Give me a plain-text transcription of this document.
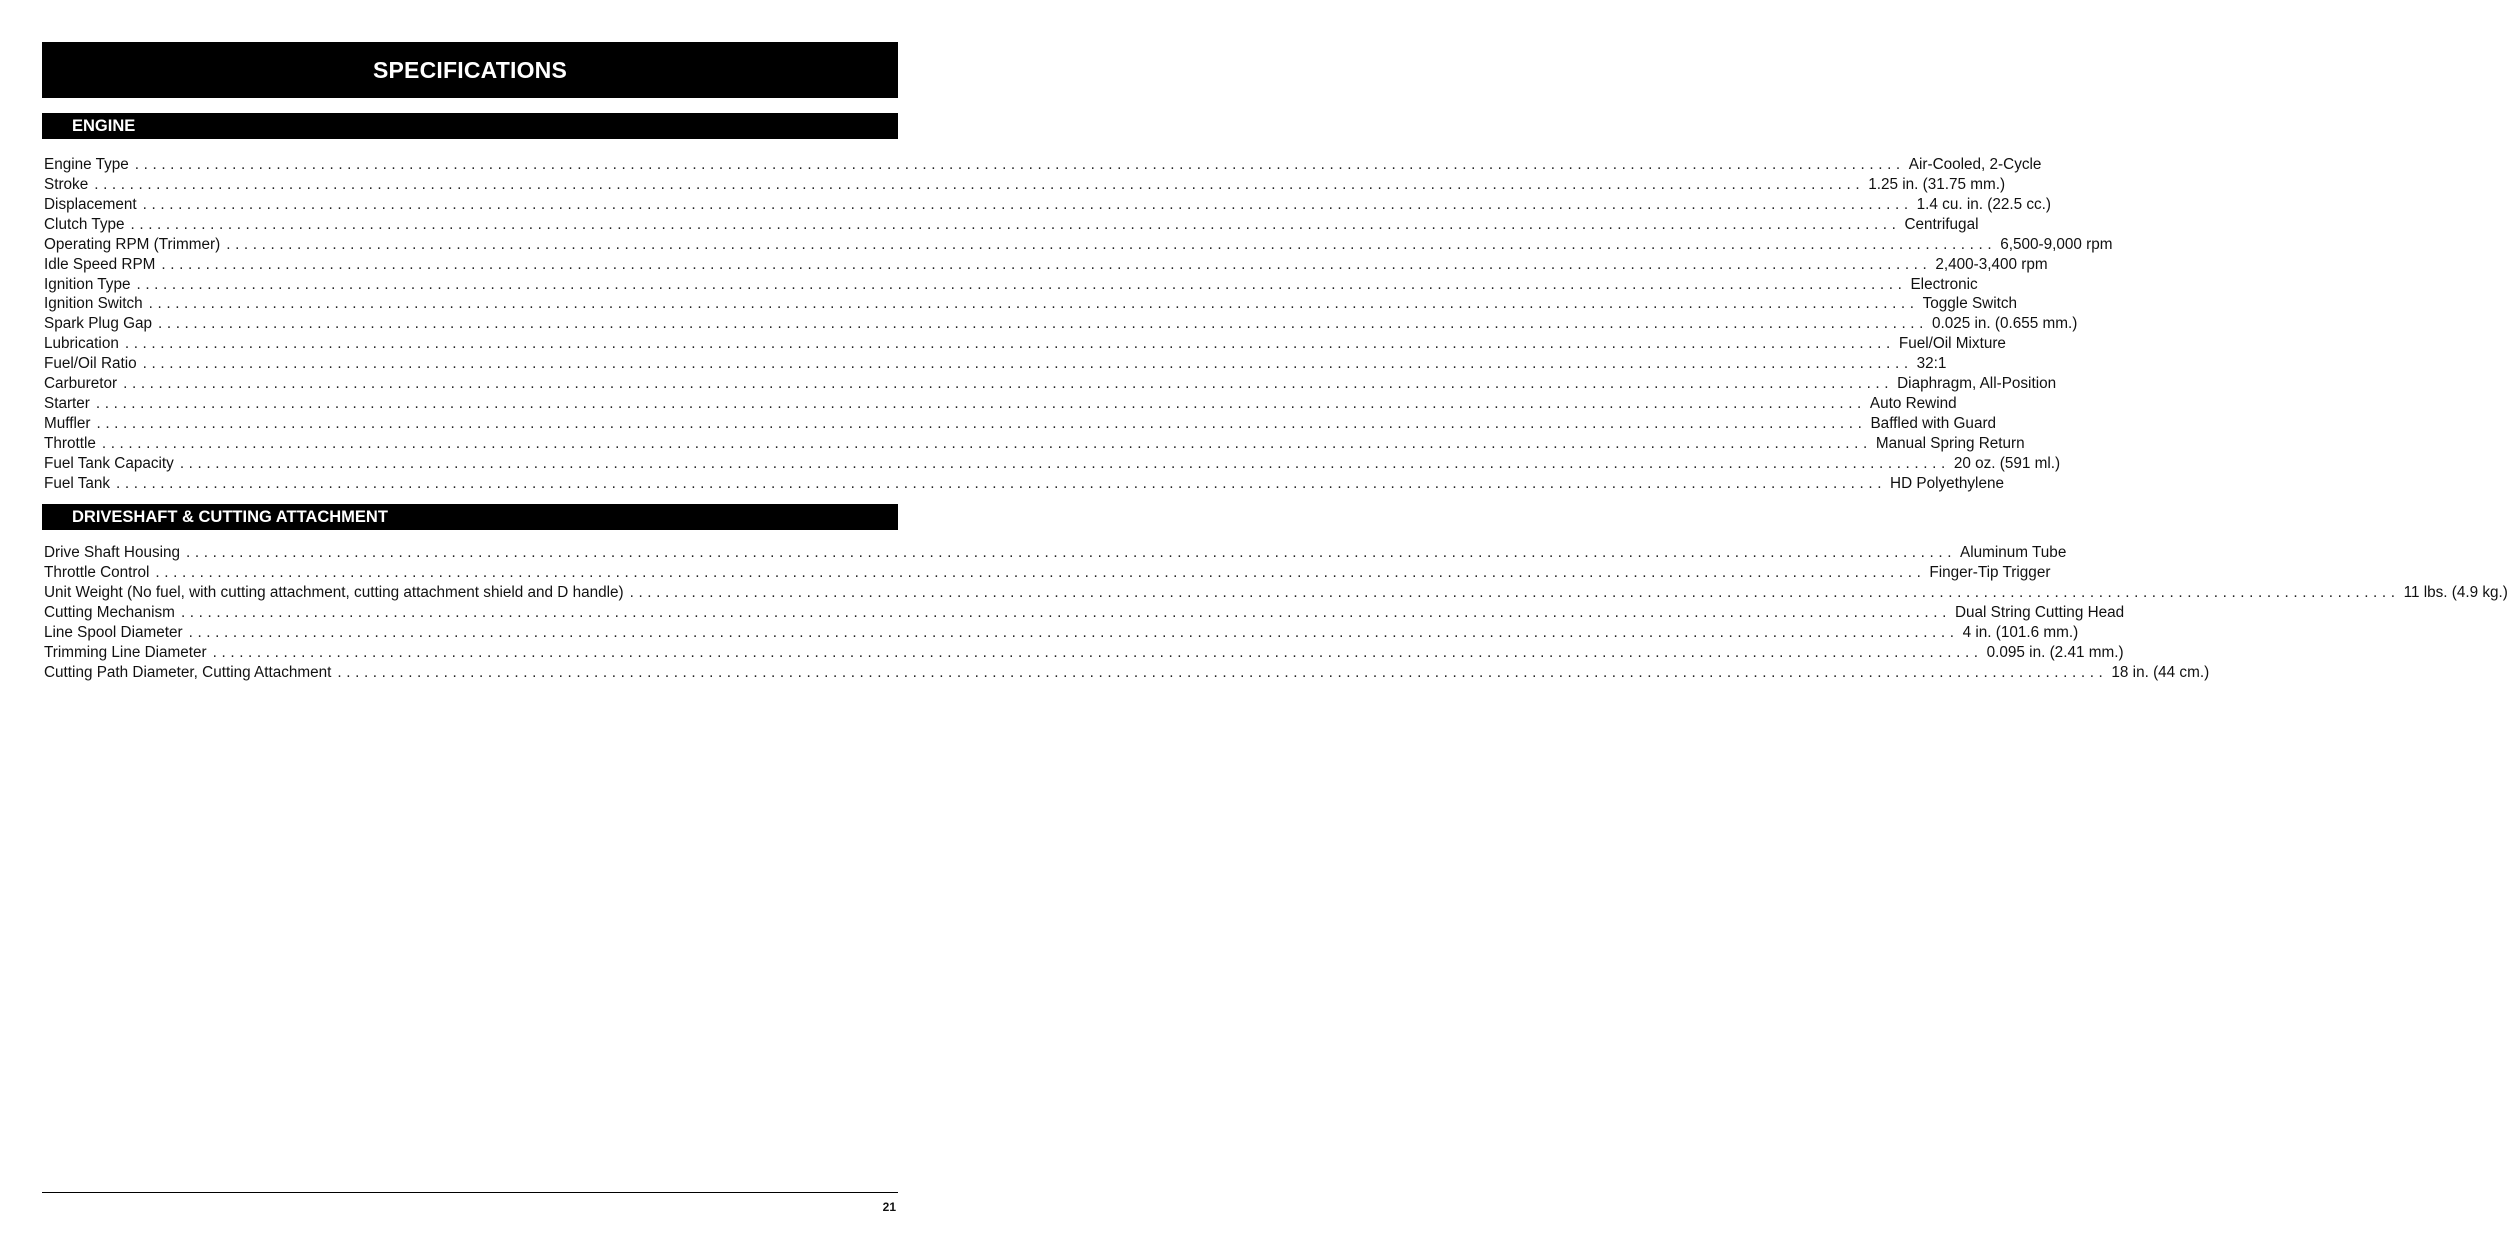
SPECIFICATIONS
ENGINE
Engine Type ........................................................................................................................................................................................................ Air-Cooled, 2-Cycle
Stroke ........................................................................................................................................................................................................ 1.25 in. (31.75 mm.)
Displacement ........................................................................................................................................................................................................ 1.4 cu. in. (22.5 cc.)
Clutch Type ........................................................................................................................................................................................................ Centrifugal
Operating RPM (Trimmer) ........................................................................................................................................................................................................ 6,500-9,000 rpm
Idle Speed RPM ........................................................................................................................................................................................................ 2,400-3,400 rpm
Ignition Type ........................................................................................................................................................................................................ Electronic
Ignition Switch ........................................................................................................................................................................................................ Toggle Switch
Spark Plug Gap ........................................................................................................................................................................................................ 0.025 in. (0.655 mm.)
Lubrication ........................................................................................................................................................................................................ Fuel/Oil Mixture
Fuel/Oil Ratio ........................................................................................................................................................................................................ 32:1
Carburetor ........................................................................................................................................................................................................ Diaphragm, All-Position
Starter ........................................................................................................................................................................................................ Auto Rewind
Muffler ........................................................................................................................................................................................................ Baffled with Guard
Throttle ........................................................................................................................................................................................................ Manual Spring Return
Fuel Tank Capacity ........................................................................................................................................................................................................ 20 oz. (591 ml.)
Fuel Tank ........................................................................................................................................................................................................ HD Polyethylene
DRIVESHAFT & CUTTING ATTACHMENT
Drive Shaft Housing ........................................................................................................................................................................................................ Aluminum Tube
Throttle Control ........................................................................................................................................................................................................ Finger-Tip Trigger
Unit Weight (No fuel, with cutting attachment, cutting attachment shield and D handle) ........................................................................................................................................................................................................ 11 lbs. (4.9 kg.)
Cutting Mechanism ........................................................................................................................................................................................................ Dual String Cutting Head
Line Spool Diameter ........................................................................................................................................................................................................ 4 in. (101.6 mm.)
Trimming Line Diameter ........................................................................................................................................................................................................ 0.095 in. (2.41 mm.)
Cutting Path Diameter, Cutting Attachment ........................................................................................................................................................................................................ 18 in. (44 cm.)
21
